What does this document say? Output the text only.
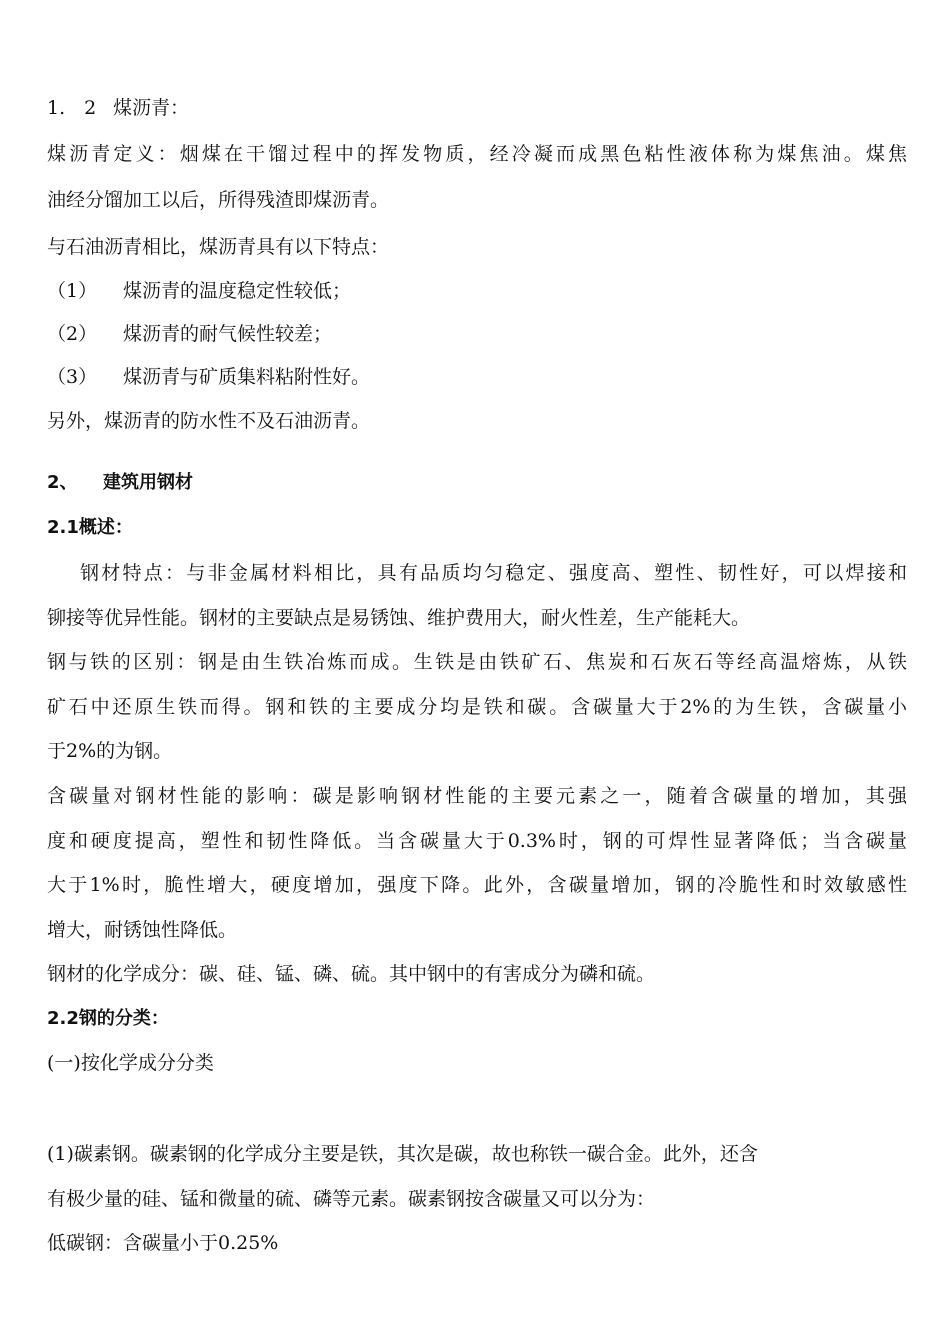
1.　2 煤沥青：
煤沥青定义：烟煤在干馏过程中的挥发物质，经冷凝而成黑色粘性液体称为煤焦油。煤焦
油经分馏加工以后，所得残渣即煤沥青。
与石油沥青相比，煤沥青具有以下特点：
（1） 煤沥青的温度稳定性较低；
（2） 煤沥青的耐气候性较差；
（3） 煤沥青与矿质集料粘附性好。
另外，煤沥青的防水性不及石油沥青。
2、 建筑用钢材
2.1概述：
钢材特点：与非金属材料相比，具有品质均匀稳定、强度高、塑性、韧性好，可以焊接和
铆接等优异性能。钢材的主要缺点是易锈蚀、维护费用大，耐火性差，生产能耗大。
钢与铁的区别：钢是由生铁冶炼而成。生铁是由铁矿石、焦炭和石灰石等经高温熔炼，从铁
矿石中还原生铁而得。钢和铁的主要成分均是铁和碳。含碳量大于2%的为生铁，含碳量小
于2%的为钢。
含碳量对钢材性能的影响：碳是影响钢材性能的主要元素之一，随着含碳量的增加，其强
度和硬度提高，塑性和韧性降低。当含碳量大于0.3%时，钢的可焊性显著降低；当含碳量
大于1%时，脆性增大，硬度增加，强度下降。此外，含碳量增加，钢的冷脆性和时效敏感性
增大，耐锈蚀性降低。
钢材的化学成分：碳、硅、锰、磷、硫。其中钢中的有害成分为磷和硫。
2.2钢的分类：
(一)按化学成分分类
(1)碳素钢。碳素钢的化学成分主要是铁，其次是碳，故也称铁一碳合金。此外，还含
有极少量的硅、锰和微量的硫、磷等元素。碳素钢按含碳量又可以分为：
低碳钢：含碳量小于0.25%
